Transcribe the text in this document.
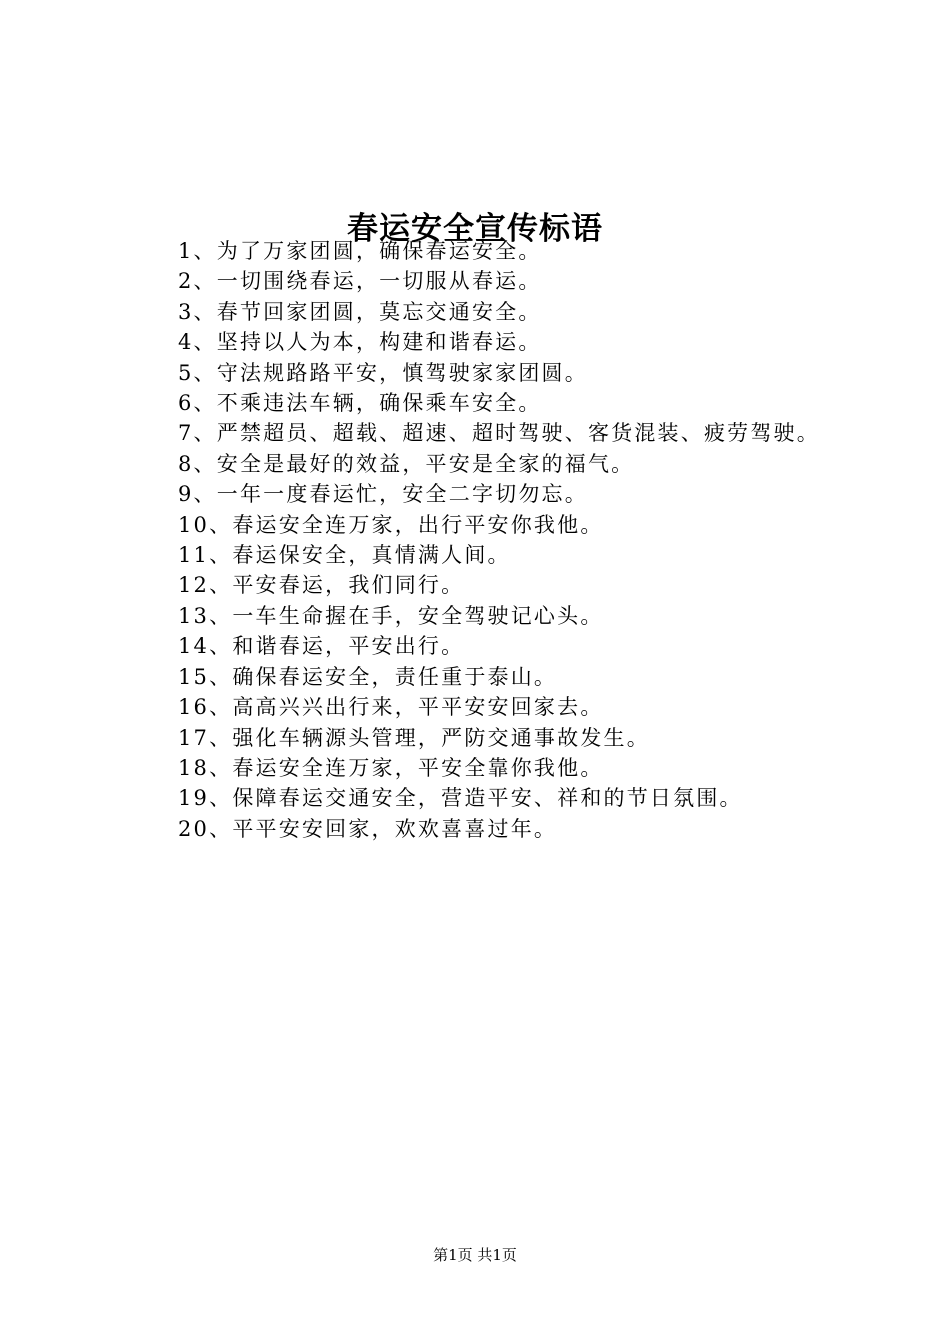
春运安全宣传标语
1、为了万家团圆，确保春运安全。
2、一切围绕春运，一切服从春运。
3、春节回家团圆，莫忘交通安全。
4、坚持以人为本，构建和谐春运。
5、守法规路路平安，慎驾驶家家团圆。
6、不乘违法车辆，确保乘车安全。
7、严禁超员、超载、超速、超时驾驶、客货混装、疲劳驾驶。
8、安全是最好的效益，平安是全家的福气。
9、一年一度春运忙，安全二字切勿忘。
10、春运安全连万家，出行平安你我他。
11、春运保安全，真情满人间。
12、平安春运，我们同行。
13、一车生命握在手，安全驾驶记心头。
14、和谐春运，平安出行。
15、确保春运安全，责任重于泰山。
16、高高兴兴出行来，平平安安回家去。
17、强化车辆源头管理，严防交通事故发生。
18、春运安全连万家，平安全靠你我他。
19、保障春运交通安全，营造平安、祥和的节日氛围。
20、平平安安回家，欢欢喜喜过年。
第1页 共1页
